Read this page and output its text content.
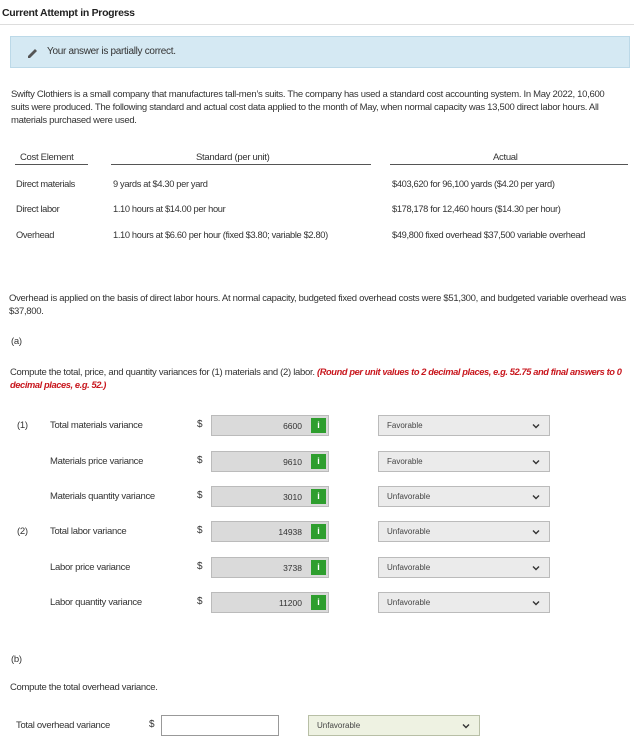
Current Attempt in Progress
Your answer is partially correct.
Swifty Clothiers is a small company that manufactures tall-men’s suits. The company has used a standard cost accounting system. In May 2022, 10,600 suits were produced. The following standard and actual cost data applied to the month of May, when normal capacity was 13,500 direct labor hours. All materials purchased were used.
Cost Element	Standard (per unit)	Actual
Direct materials	9 yards at $4.30 per yard	$403,620 for 96,100 yards ($4.20 per yard)
Direct labor	1.10 hours at $14.00 per hour	$178,178 for 12,460 hours ($14.30 per hour)
Overhead	1.10 hours at $6.60 per hour (fixed $3.80; variable $2.80)	$49,800 fixed overhead $37,500 variable overhead
Overhead is applied on the basis of direct labor hours. At normal capacity, budgeted fixed overhead costs were $51,300, and budgeted variable overhead was $37,800.
(a)
Compute the total, price, and quantity variances for (1) materials and (2) labor. (Round per unit values to 2 decimal places, e.g. 52.75 and final answers to 0 decimal places, e.g. 52.)
(1)
(2)
Total materials variance	$	6600	i	Favorable
Materials price variance	$	9610	i	Favorable
Materials quantity variance	$	3010	i	Unfavorable
Total labor variance	$	14938	i	Unfavorable
Labor price variance	$	3738	i	Unfavorable
Labor quantity variance	$	11200	i	Unfavorable
(b)
Compute the total overhead variance.
Total overhead variance	$	Unfavorable
